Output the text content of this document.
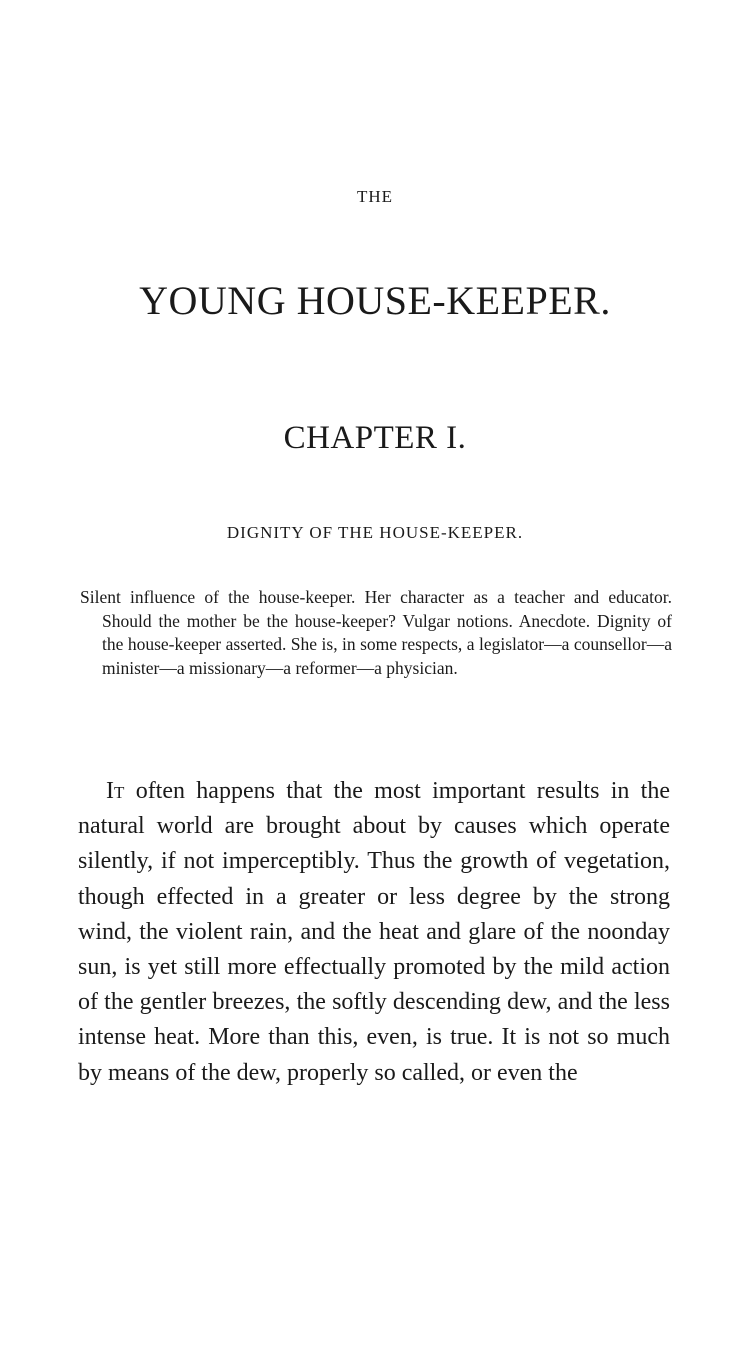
THE
YOUNG HOUSE-KEEPER.
CHAPTER I.
DIGNITY OF THE HOUSE-KEEPER.
Silent influence of the house-keeper. Her character as a teacher and educator. Should the mother be the house-keeper? Vulgar notions. Anecdote. Dignity of the house-keeper asserted. She is, in some respects, a legislator—a counsellor—a minister—a missionary—a reformer—a physician.

It often happens that the most important results in the natural world are brought about by causes which operate silently, if not imperceptibly. Thus the growth of vegetation, though effected in a greater or less degree by the strong wind, the violent rain, and the heat and glare of the noonday sun, is yet still more effectually promoted by the mild action of the gentler breezes, the softly descending dew, and the less intense heat. More than this, even, is true. It is not so much by means of the dew, properly so called, or even the
